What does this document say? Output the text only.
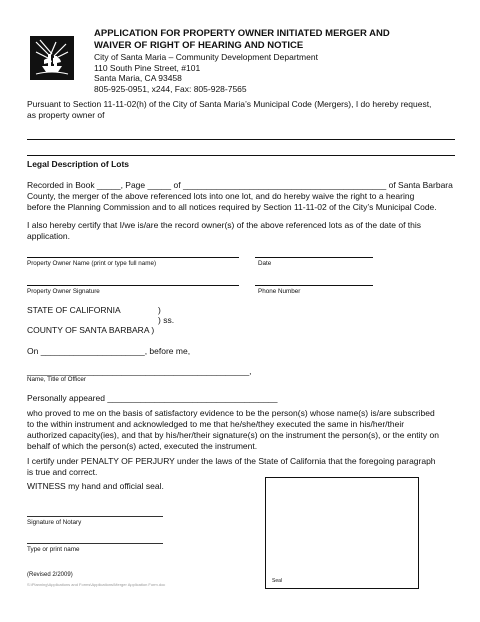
APPLICATION FOR PROPERTY OWNER INITIATED MERGER AND
WAIVER OF RIGHT OF HEARING AND NOTICE
City of Santa Maria – Community Development Department
110 South Pine Street, #101
Santa Maria, CA 93458
805-925-0951, x244, Fax: 805-928-7565
Pursuant to Section 11-11-02(h) of the City of Santa Maria’s Municipal Code (Mergers), I do hereby request,
as property owner of
Legal Description of Lots
Recorded in Book _____, Page _____ of ___________________________________________ of Santa Barbara
County, the merger of the above referenced lots into one lot, and do hereby waive the right to a hearing
before the Planning Commission and to all notices required by Section 11-11-02 of the City’s Municipal Code.
I also hereby certify that I/we is/are the record owner(s) of the above referenced lots as of the date of this
application.
Property Owner Name (print or type full name)	Date
Property Owner Signature	Phone Number
STATE OF CALIFORNIA	)
) ss.
COUNTY OF SANTA BARBARA )
On ______________________, before me,
_______________________________________________,
Name, Title of Officer
Personally appeared ____________________________________
who proved to me on the basis of satisfactory evidence to be the person(s) whose name(s) is/are subscribed
to the within instrument and acknowledged to me that he/she/they executed the same in his/her/their
authorized capacity(ies), and that by his/her/their signature(s) on the instrument the person(s), or the entity on
behalf of which the person(s) acted, executed the instrument.
I certify under PENALTY OF PERJURY under the laws of the State of California that the foregoing paragraph
is true and correct.
WITNESS my hand and official seal.
Signature of Notary
Type or print name
Seal
(Revised 2/2009)
S:\Planning\Applications and Forms\Applications\Merger Application Form.doc
